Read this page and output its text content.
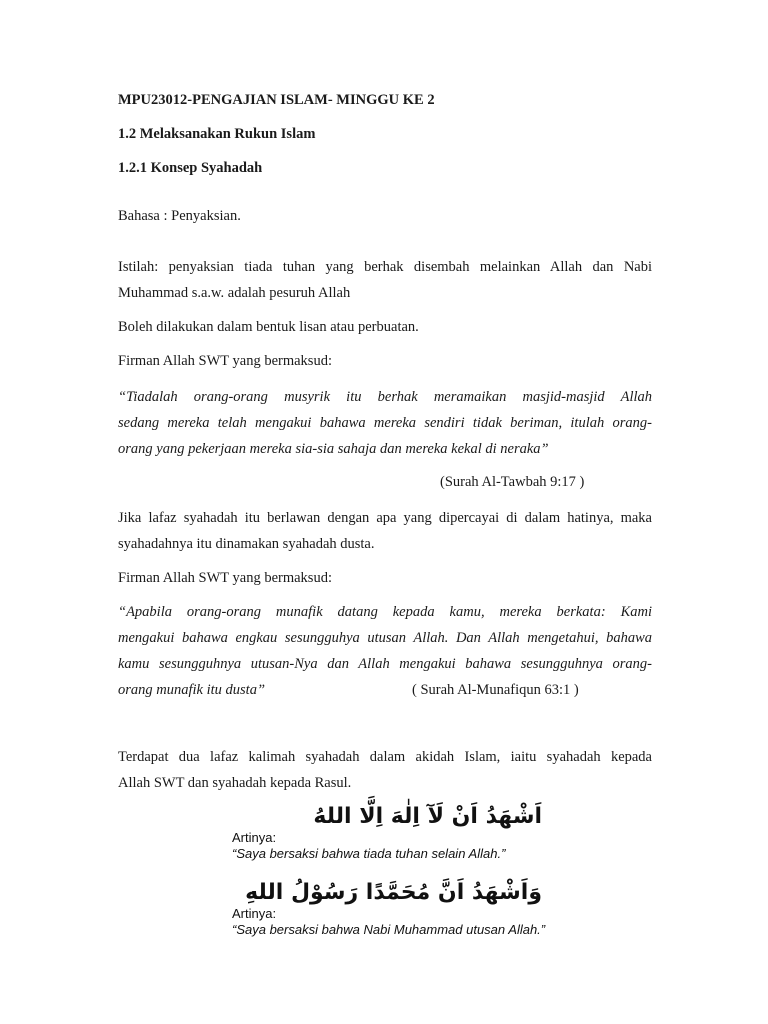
MPU23012-PENGAJIAN ISLAM- MINGGU KE 2
1.2 Melaksanakan Rukun Islam
1.2.1 Konsep Syahadah
Bahasa : Penyaksian.
Istilah: penyaksian tiada tuhan yang berhak disembah melainkan Allah dan Nabi
Muhammad s.a.w. adalah pesuruh Allah
Boleh dilakukan dalam bentuk lisan atau perbuatan.
Firman Allah SWT yang bermaksud:
“Tiadalah orang-orang musyrik itu berhak meramaikan masjid-masjid Allah
sedang mereka telah mengakui bahawa mereka sendiri tidak beriman, itulah orang-
orang yang pekerjaan mereka sia-sia sahaja dan mereka kekal di neraka”
(Surah Al-Tawbah 9:17 )
Jika lafaz syahadah itu berlawan dengan apa yang dipercayai di dalam hatinya, maka
syahadahnya itu dinamakan syahadah dusta.
Firman Allah SWT yang bermaksud:
“Apabila orang-orang munafik datang kepada kamu, mereka berkata: Kami
mengakui bahawa engkau sesungguhya utusan Allah. Dan Allah mengetahui, bahawa
kamu sesungguhnya utusan-Nya dan Allah mengakui bahawa sesungguhnya orang-
orang munafik itu dusta”	( Surah Al-Munafiqun 63:1 )
Terdapat dua lafaz kalimah syahadah dalam akidah Islam, iaitu syahadah kepada
Allah SWT dan syahadah kepada Rasul.
اَشْهَدُ اَنْ لَآ اِلٰهَ اِلَّا اللهُ
Artinya:
“Saya bersaksi bahwa tiada tuhan selain Allah.”
وَاَشْهَدُ اَنَّ مُحَمَّدًا رَسُوْلُ اللهِ
Artinya:
“Saya bersaksi bahwa Nabi Muhammad utusan Allah.”
